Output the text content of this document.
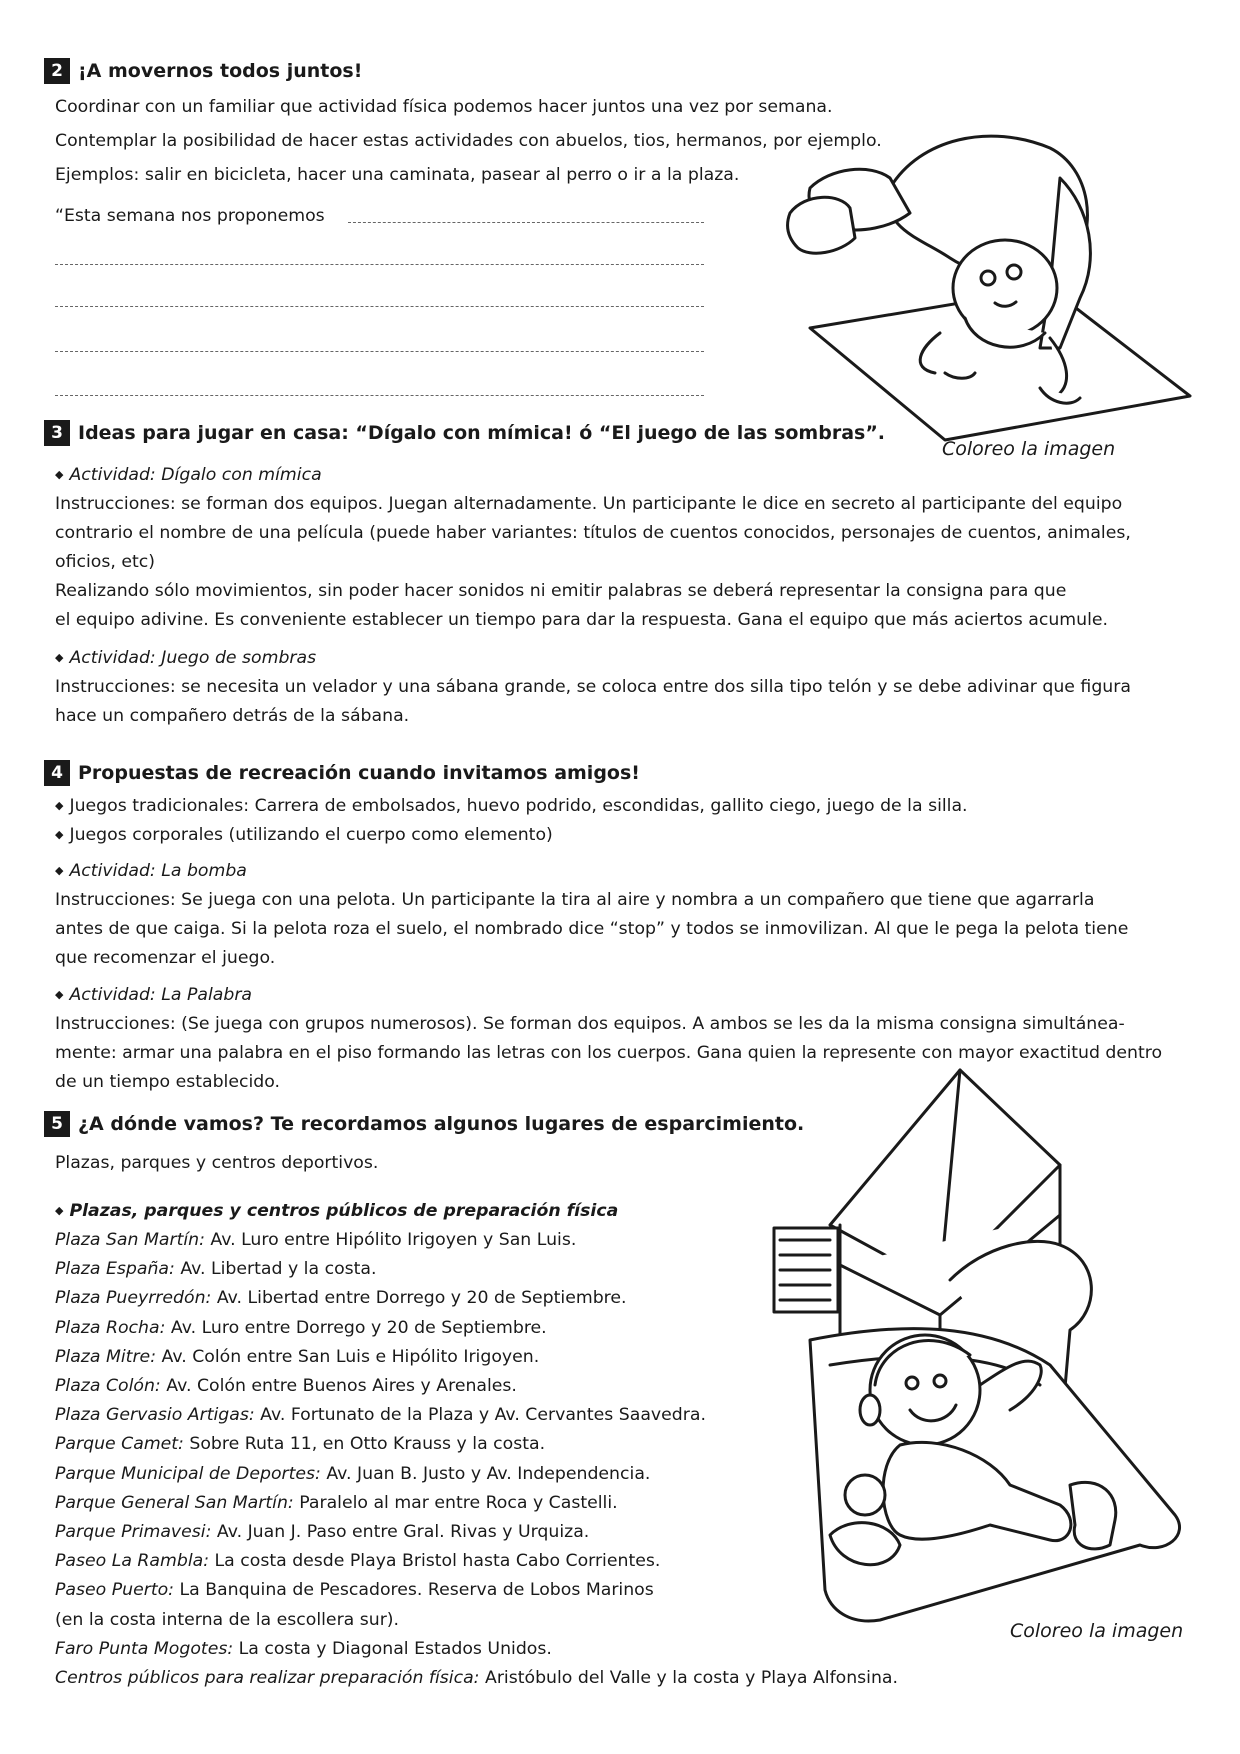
2 ¡A movernos todos juntos!
Coordinar con un familiar que actividad física podemos hacer juntos una vez por semana.
Contemplar la posibilidad de hacer estas actividades con abuelos, tios, hermanos, por ejemplo.
Ejemplos: salir en bicicleta, hacer una caminata, pasear al perro o ir a la plaza.
“Esta semana nos proponemos
Coloreo la imagen
3 Ideas para jugar en casa: “Dígalo con mímica! ó “El juego de las sombras”.
◆ Actividad: Dígalo con mímica
Instrucciones: se forman dos equipos. Juegan alternadamente. Un participante le dice en secreto al participante del equipo
contrario el nombre de una película (puede haber variantes: títulos de cuentos conocidos, personajes de cuentos, animales,
oficios, etc)
Realizando sólo movimientos, sin poder hacer sonidos ni emitir palabras se deberá representar la consigna para que
el equipo adivine. Es conveniente establecer un tiempo para dar la respuesta. Gana el equipo que más aciertos acumule.
◆ Actividad: Juego de sombras
Instrucciones: se necesita un velador y una sábana grande, se coloca entre dos silla tipo telón y se debe adivinar que figura
hace un compañero detrás de la sábana.
4 Propuestas de recreación cuando invitamos amigos!
◆ Juegos tradicionales: Carrera de embolsados, huevo podrido, escondidas, gallito ciego, juego de la silla.
◆ Juegos corporales (utilizando el cuerpo como elemento)
◆ Actividad: La bomba
Instrucciones: Se juega con una pelota. Un participante la tira al aire y nombra a un compañero que tiene que agarrarla
antes de que caiga. Si la pelota roza el suelo, el nombrado dice “stop” y todos se inmovilizan. Al que le pega la pelota tiene
que recomenzar el juego.
◆ Actividad: La Palabra
Instrucciones: (Se juega con grupos numerosos). Se forman dos equipos. A ambos se les da la misma consigna simultánea-
mente: armar una palabra en el piso formando las letras con los cuerpos. Gana quien la represente con mayor exactitud dentro
de un tiempo establecido.
5 ¿A dónde vamos? Te recordamos algunos lugares de esparcimiento.
Plazas, parques y centros deportivos.
◆ Plazas, parques y centros públicos de preparación física
Plaza San Martín: Av. Luro entre Hipólito Irigoyen y San Luis.
Plaza España: Av. Libertad y la costa.
Plaza Pueyrredón: Av. Libertad entre Dorrego y 20 de Septiembre.
Plaza Rocha: Av. Luro entre Dorrego y 20 de Septiembre.
Plaza Mitre: Av. Colón entre San Luis e Hipólito Irigoyen.
Plaza Colón: Av. Colón entre Buenos Aires y Arenales.
Plaza Gervasio Artigas: Av. Fortunato de la Plaza y Av. Cervantes Saavedra.
Parque Camet: Sobre Ruta 11, en Otto Krauss y la costa.
Parque Municipal de Deportes: Av. Juan B. Justo y Av. Independencia.
Parque General San Martín: Paralelo al mar entre Roca y Castelli.
Parque Primavesi: Av. Juan J. Paso entre Gral. Rivas y Urquiza.
Paseo La Rambla: La costa desde Playa Bristol hasta Cabo Corrientes.
Paseo Puerto: La Banquina de Pescadores. Reserva de Lobos Marinos
(en la costa interna de la escollera sur).
Faro Punta Mogotes: La costa y Diagonal Estados Unidos.
Centros públicos para realizar preparación física: Aristóbulo del Valle y la costa y Playa Alfonsina.
Coloreo la imagen
